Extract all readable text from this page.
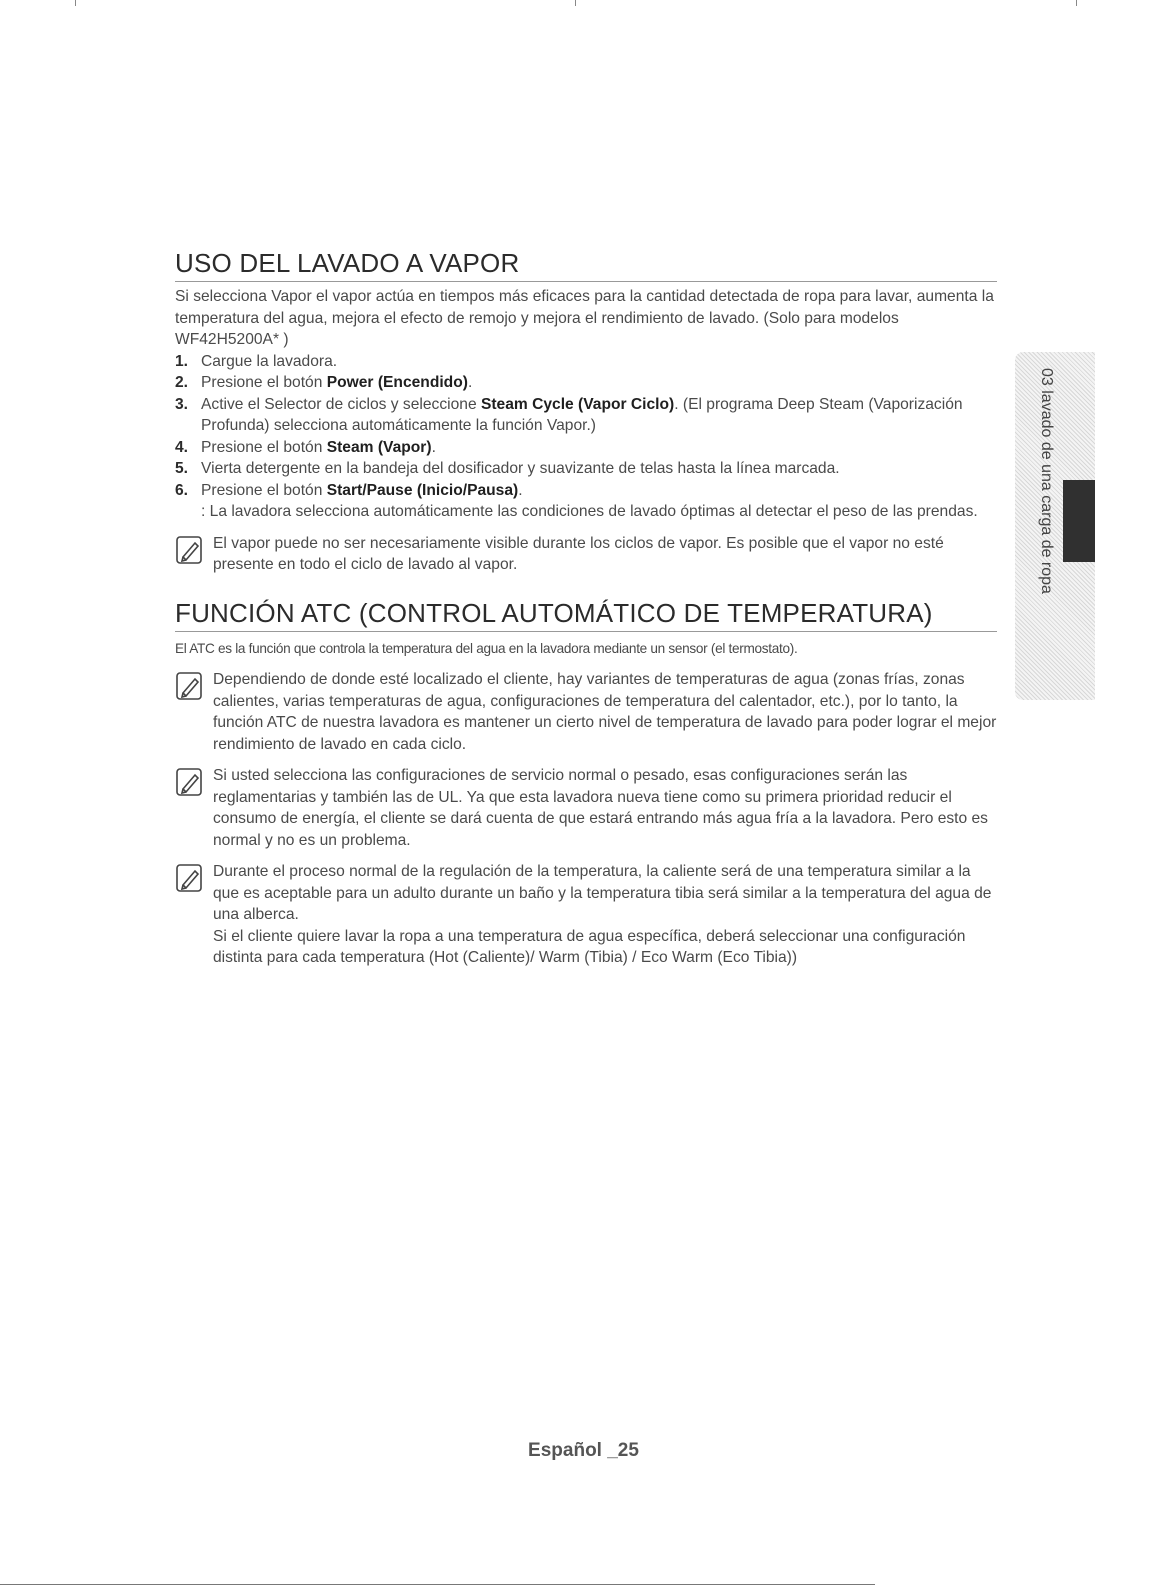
USO DEL LAVADO A VAPOR

Si selecciona Vapor el vapor actúa en tiempos más eficaces para la cantidad detectada de ropa para lavar, aumenta la temperatura del agua, mejora el efecto de remojo y mejora el rendimiento de lavado. (Solo para modelos WF42H5200A* )

1. Cargue la lavadora.
2. Presione el botón Power (Encendido).
3. Active el Selector de ciclos y seleccione Steam Cycle (Vapor Ciclo). (El programa Deep Steam (Vaporización Profunda) selecciona automáticamente la función Vapor.)
4. Presione el botón Steam (Vapor).
5. Vierta detergente en la bandeja del dosificador y suavizante de telas hasta la línea marcada.
6. Presione el botón Start/Pause (Inicio/Pausa).
: La lavadora selecciona automáticamente las condiciones de lavado óptimas al detectar el peso de las prendas.
El vapor puede no ser necesariamente visible durante los ciclos de vapor. Es posible que el vapor no esté presente en todo el ciclo de lavado al vapor.
FUNCIÓN ATC (CONTROL AUTOMÁTICO DE TEMPERATURA)

El ATC es la función que controla la temperatura del agua en la lavadora mediante un sensor (el termostato).

Dependiendo de donde esté localizado el cliente, hay variantes de temperaturas de agua (zonas frías, zonas calientes, varias temperaturas de agua, configuraciones de temperatura del calentador, etc.), por lo tanto, la función ATC de nuestra lavadora es mantener un cierto nivel de temperatura de lavado para poder lograr el mejor rendimiento de lavado en cada ciclo.
Si usted selecciona las configuraciones de servicio normal o pesado, esas configuraciones serán las reglamentarias y también las de UL. Ya que esta lavadora nueva tiene como su primera prioridad reducir el consumo de energía, el cliente se dará cuenta de que estará entrando más agua fría a la lavadora. Pero esto es normal y no es un problema.
Durante el proceso normal de la regulación de la temperatura, la caliente será de una temperatura similar a la que es aceptable para un adulto durante un baño y la temperatura tibia será similar a la temperatura del agua de una alberca.
Si el cliente quiere lavar la ropa a una temperatura de agua específica, deberá seleccionar una configuración distinta para cada temperatura (Hot (Caliente)/ Warm (Tibia) / Eco Warm (Eco Tibia))
03 lavado de una carga de ropa
Español _25
